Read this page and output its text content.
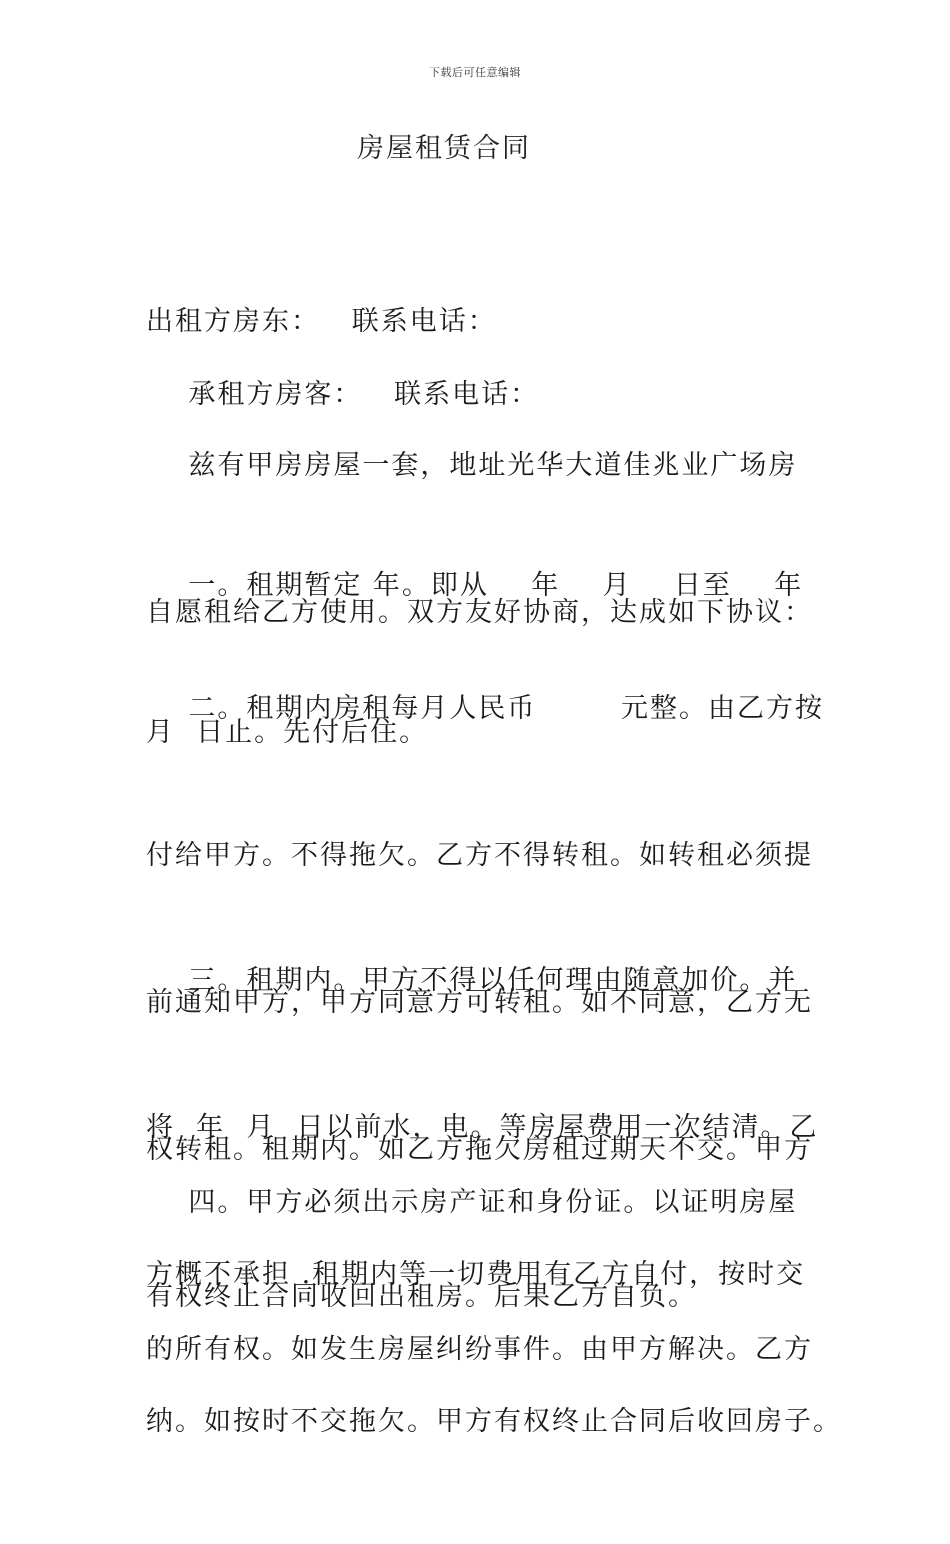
下载后可任意编辑
房屋租赁合同

出租方房东：   联系电话：

承租方房客：   联系电话：

兹有甲房房屋一套，地址光华大道佳兆业广场房

自愿租给乙方使用。双方友好协商，达成如下协议：

一。租期暂定 年。即从    年    月    日至    年

月  日止。先付后住。

二。租期内房租每月人民币        元整。由乙方按

付给甲方。不得拖欠。乙方不得转租。如转租必须提

前通知甲方，甲方同意方可转租。如不同意，乙方无

权转租。租期内。如乙方拖欠房租过期天不交。甲方

有权终止合同收回出租房。后果乙方自负。

三。租期内。甲方不得以任何理由随意加价。并

将  年  月  日以前水，电。等房屋费用一次结清。乙

方概不承担 .租期内等一切费用有乙方自付，按时交

纳。如按时不交拖欠。甲方有权终止合同后收回房子。

四。甲方必须出示房产证和身份证。以证明房屋

的所有权。如发生房屋纠纷事件。由甲方解决。乙方
